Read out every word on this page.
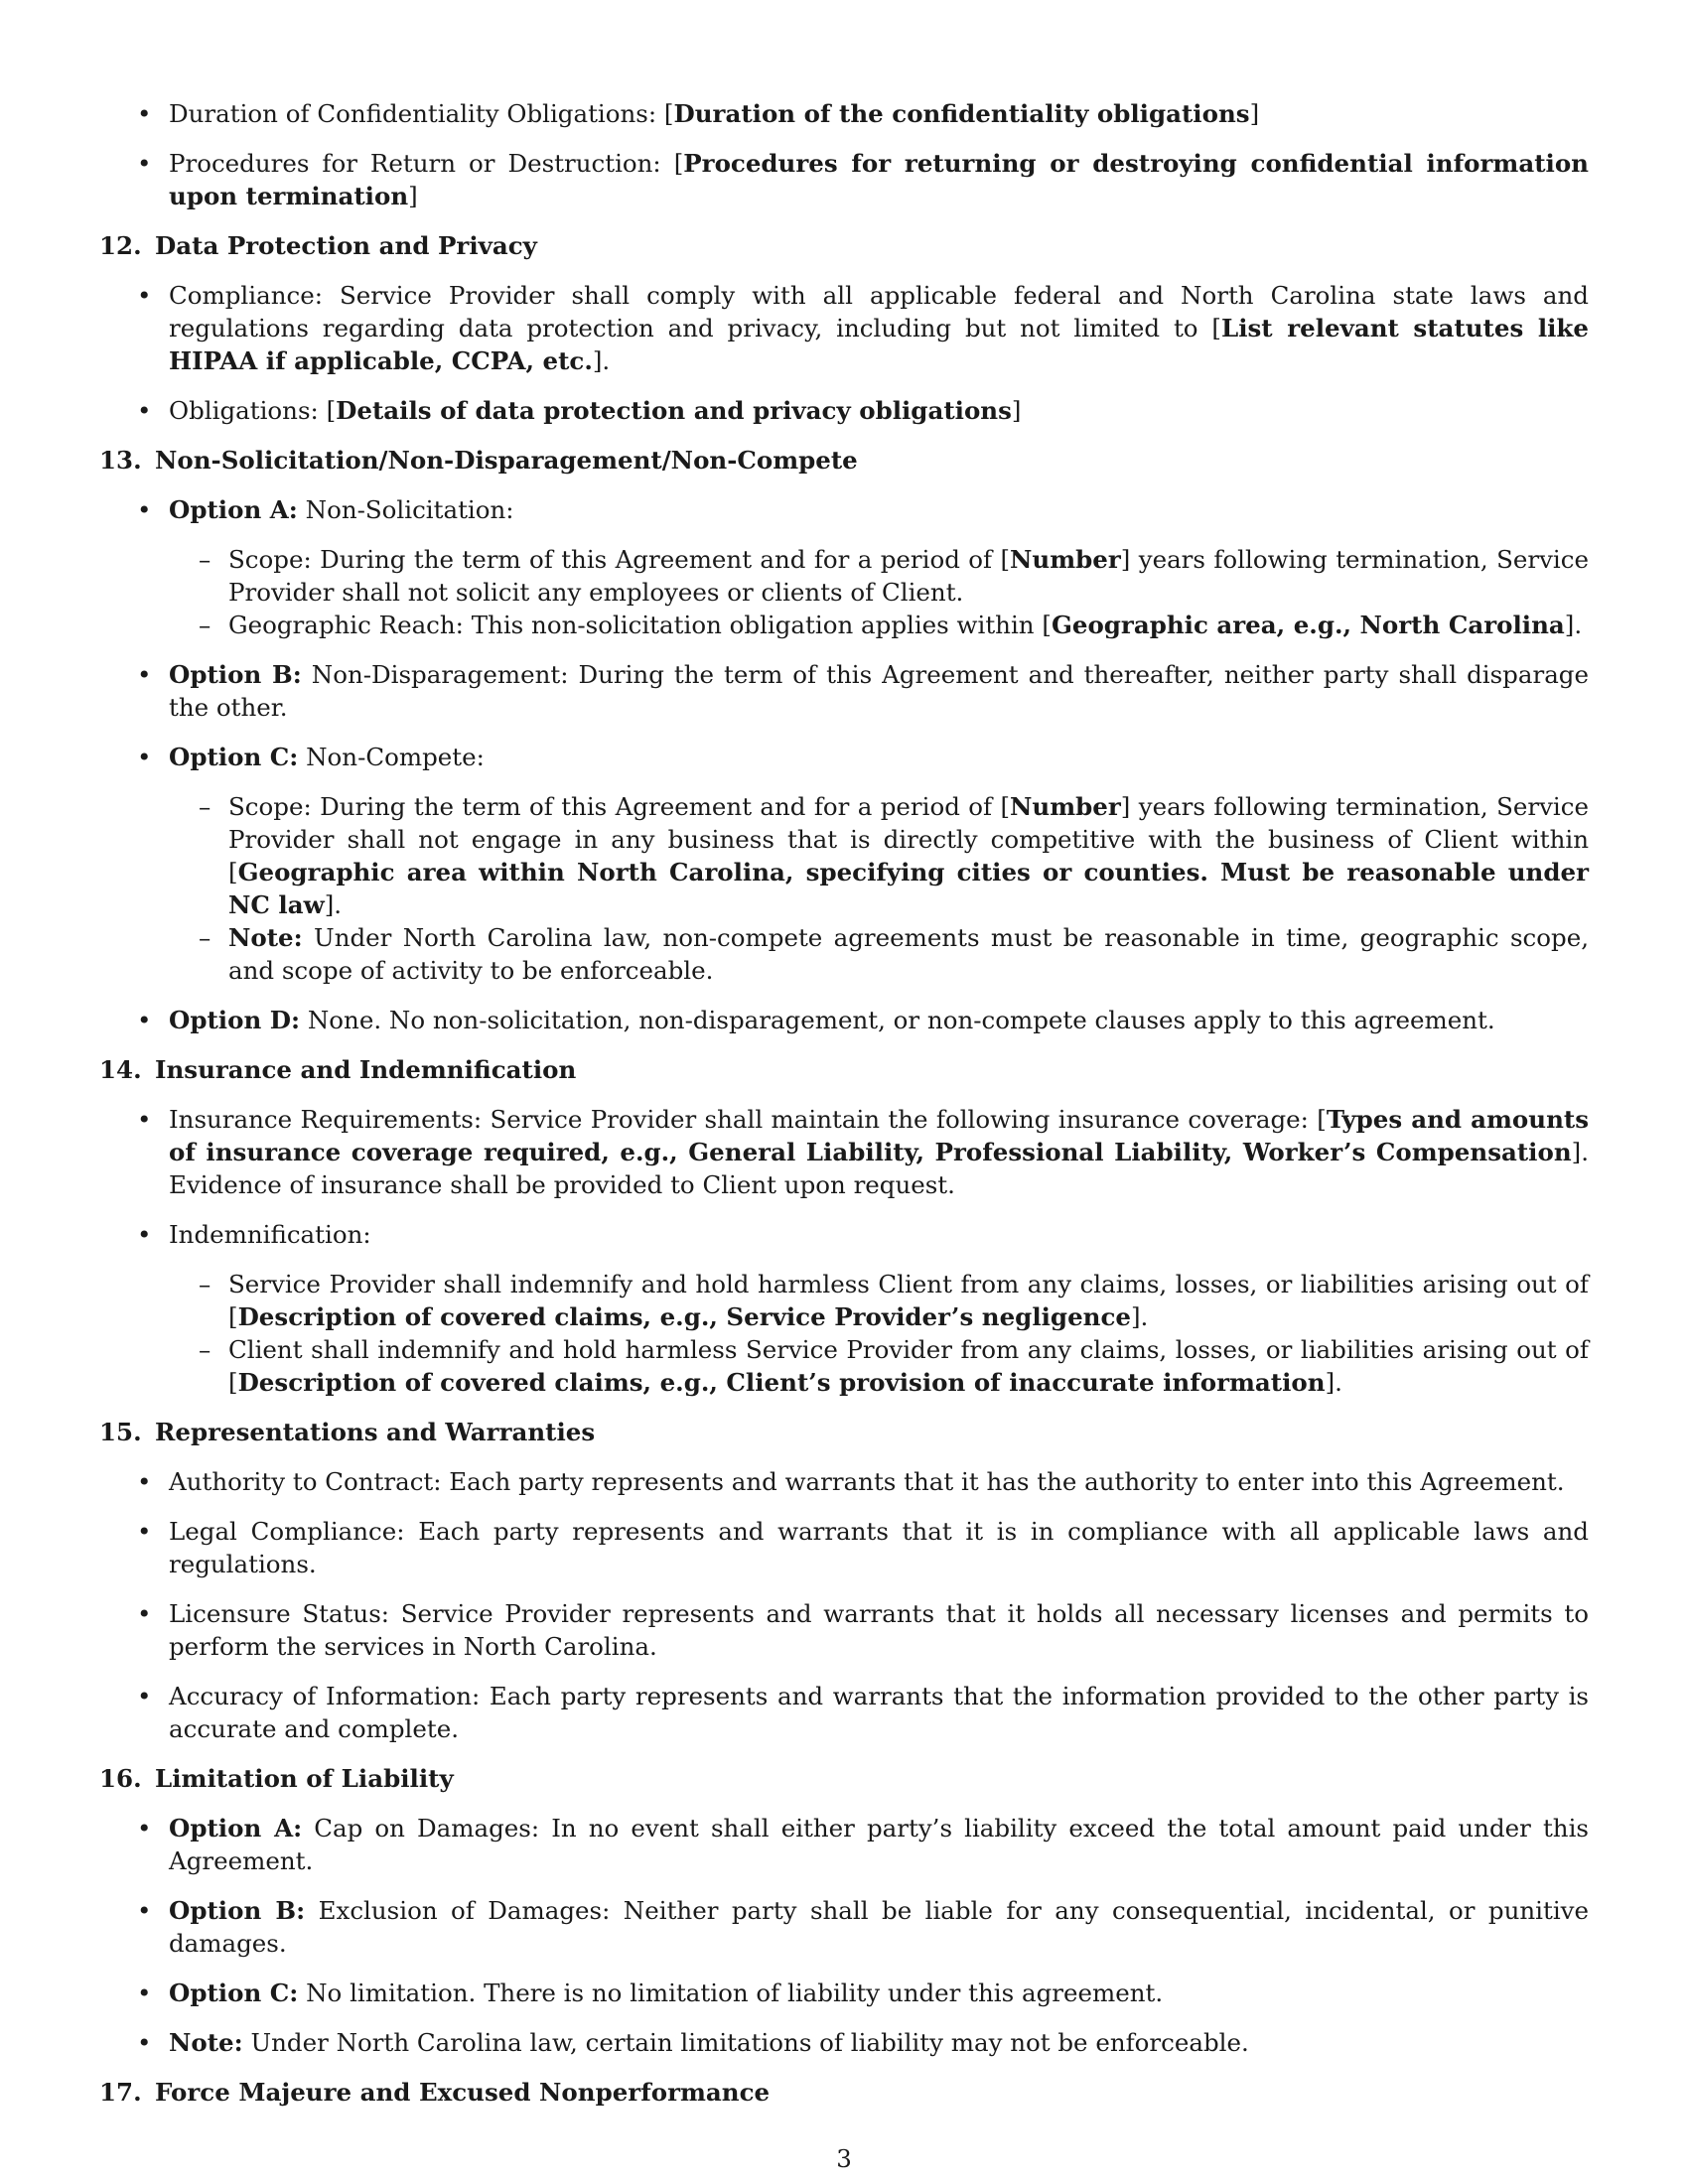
• Duration of Confidentiality Obligations: [Duration of the confidentiality obligations]
• Procedures for Return or Destruction: [Procedures for returning or destroying confidential information upon termination]
12. Data Protection and Privacy
• Compliance: Service Provider shall comply with all applicable federal and North Carolina state laws and regulations regarding data protection and privacy, including but not limited to [List relevant statutes like HIPAA if applicable, CCPA, etc.].
• Obligations: [Details of data protection and privacy obligations]
13. Non-Solicitation/Non-Disparagement/Non-Compete
• Option A: Non-Solicitation:
– Scope: During the term of this Agreement and for a period of [Number] years following termination, Service Provider shall not solicit any employees or clients of Client.
– Geographic Reach: This non-solicitation obligation applies within [Geographic area, e.g., North Carolina].
• Option B: Non-Disparagement: During the term of this Agreement and thereafter, neither party shall disparage the other.
• Option C: Non-Compete:
– Scope: During the term of this Agreement and for a period of [Number] years following termination, Service Provider shall not engage in any business that is directly competitive with the business of Client within [Geographic area within North Carolina, specifying cities or counties. Must be reasonable under NC law].
– Note: Under North Carolina law, non-compete agreements must be reasonable in time, geographic scope, and scope of activity to be enforceable.
• Option D: None. No non-solicitation, non-disparagement, or non-compete clauses apply to this agreement.
14. Insurance and Indemnification
• Insurance Requirements: Service Provider shall maintain the following insurance coverage: [Types and amounts of insurance coverage required, e.g., General Liability, Professional Liability, Worker’s Compensation]. Evidence of insurance shall be provided to Client upon request.
• Indemnification:
– Service Provider shall indemnify and hold harmless Client from any claims, losses, or liabilities arising out of [Description of covered claims, e.g., Service Provider’s negligence].
– Client shall indemnify and hold harmless Service Provider from any claims, losses, or liabilities arising out of [Description of covered claims, e.g., Client’s provision of inaccurate information].
15. Representations and Warranties
• Authority to Contract: Each party represents and warrants that it has the authority to enter into this Agreement.
• Legal Compliance: Each party represents and warrants that it is in compliance with all applicable laws and regulations.
• Licensure Status: Service Provider represents and warrants that it holds all necessary licenses and permits to perform the services in North Carolina.
• Accuracy of Information: Each party represents and warrants that the information provided to the other party is accurate and complete.
16. Limitation of Liability
• Option A: Cap on Damages: In no event shall either party’s liability exceed the total amount paid under this Agreement.
• Option B: Exclusion of Damages: Neither party shall be liable for any consequential, incidental, or punitive damages.
• Option C: No limitation. There is no limitation of liability under this agreement.
• Note: Under North Carolina law, certain limitations of liability may not be enforceable.
17. Force Majeure and Excused Nonperformance
3
